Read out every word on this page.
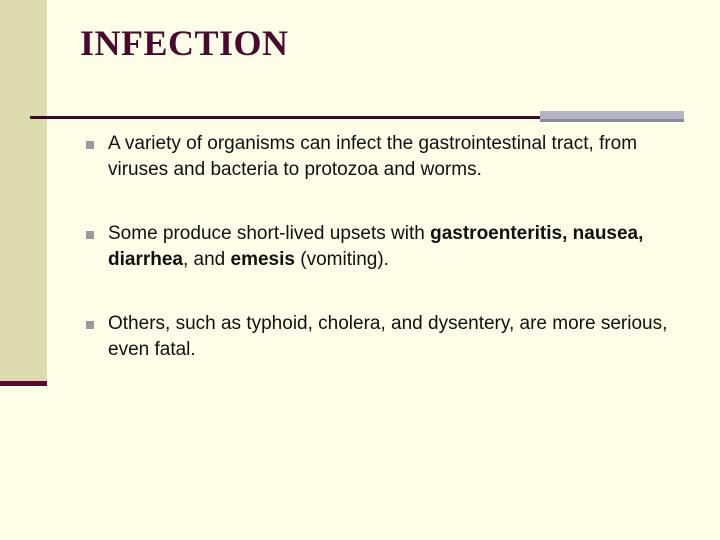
INFECTION
A variety of organisms can infect the gastrointestinal tract, from viruses and bacteria to protozoa and worms.
Some produce short-lived upsets with gastroenteritis, nausea, diarrhea, and emesis (vomiting).
Others, such as typhoid, cholera, and dysentery, are more serious, even fatal.
